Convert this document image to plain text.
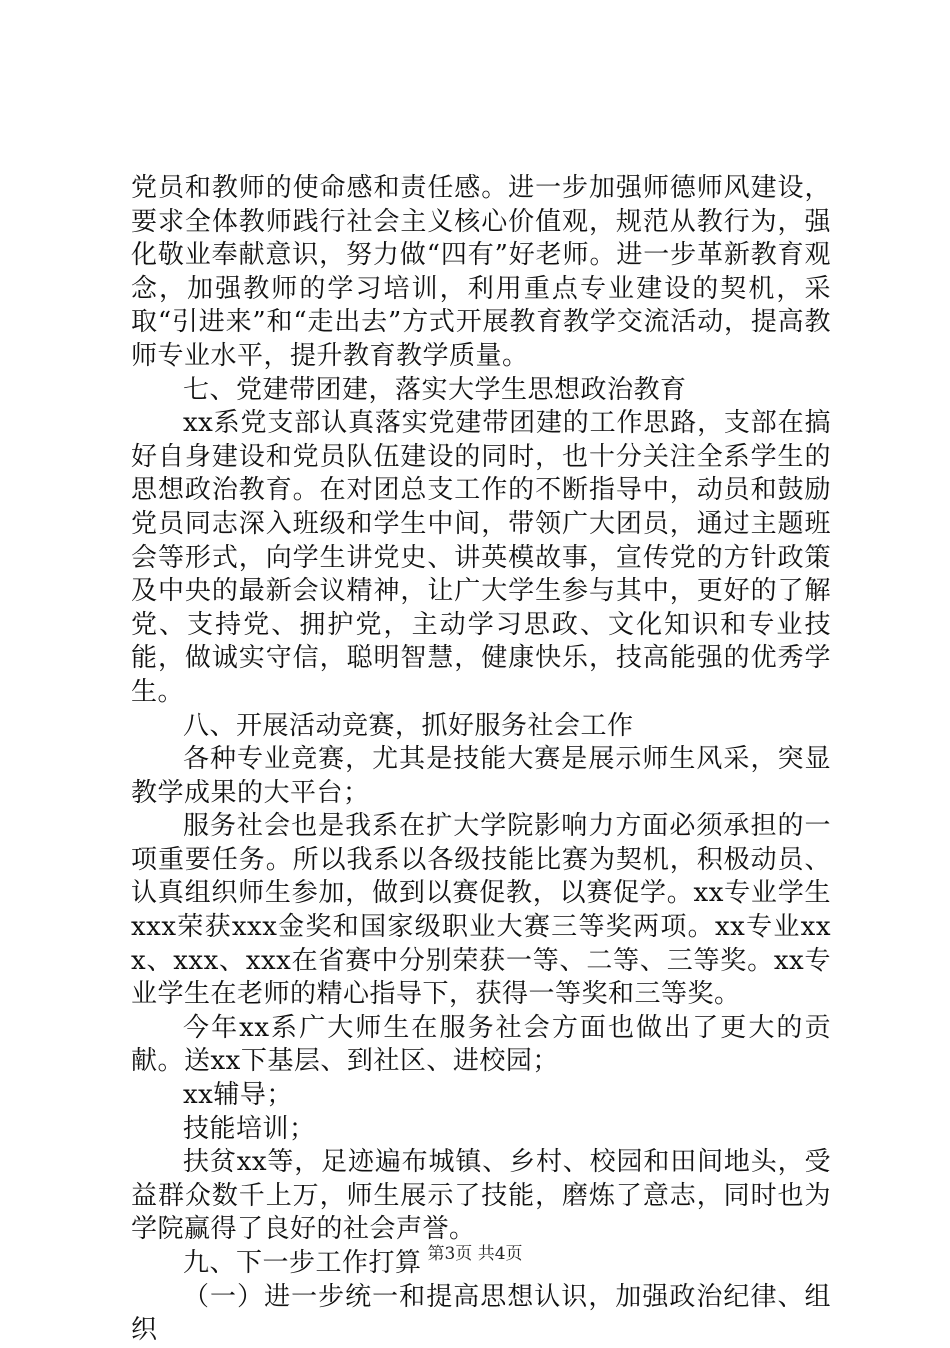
党员和教师的使命感和责任感。进一步加强师德师风建设，要求全体教师践行社会主义核心价值观，规范从教行为，强化敬业奉献意识，努力做“四有”好老师。进一步革新教育观念，加强教师的学习培训，利用重点专业建设的契机，采取“引进来”和“走出去”方式开展教育教学交流活动，提高教师专业水平，提升教育教学质量。

七、党建带团建，落实大学生思想政治教育

xx系党支部认真落实党建带团建的工作思路，支部在搞好自身建设和党员队伍建设的同时，也十分关注全系学生的思想政治教育。在对团总支工作的不断指导中，动员和鼓励党员同志深入班级和学生中间，带领广大团员，通过主题班会等形式，向学生讲党史、讲英模故事，宣传党的方针政策及中央的最新会议精神，让广大学生参与其中，更好的了解党、支持党、拥护党，主动学习思政、文化知识和专业技能，做诚实守信，聪明智慧，健康快乐，技高能强的优秀学生。

八、开展活动竞赛，抓好服务社会工作

各种专业竞赛，尤其是技能大赛是展示师生风采，突显教学成果的大平台；

服务社会也是我系在扩大学院影响力方面必须承担的一项重要任务。所以我系以各级技能比赛为契机，积极动员、认真组织师生参加，做到以赛促教，以赛促学。xx专业学生xxx荣获xxx金奖和国家级职业大赛三等奖两项。xx专业xxx、xxx、xxx在省赛中分别荣获一等、二等、三等奖。xx专业学生在老师的精心指导下，获得一等奖和三等奖。

今年xx系广大师生在服务社会方面也做出了更大的贡献。送xx下基层、到社区、进校园；

xx辅导；

技能培训；

扶贫xx等，足迹遍布城镇、乡村、校园和田间地头，受益群众数千上万，师生展示了技能，磨炼了意志，同时也为学院赢得了良好的社会声誉。

九、下一步工作打算

（一）进一步统一和提高思想认识，加强政治纪律、组织

第3页 共4页
